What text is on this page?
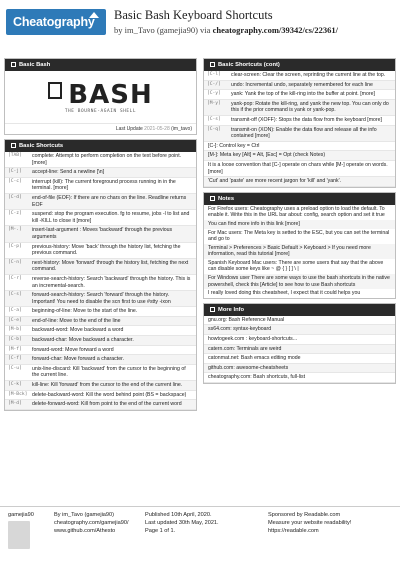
Cheatography	Basic Bash Keyboard Shortcuts
by im_Tavo (gamejia90) via cheatography.com/39342/cs/22361/
Basic Bash
BASH
THE BOURNE-AGAIN SHELL
Last Update 2021-05-28 (im_tavo)
Basic Shortcuts
[TAB]	complete: Attempt to perform completion on the text before point. [more]
[C-j]	accept-line: Send a newline [\n]
[C-c]	interrupt (kill): The current foreground process running in in the terminal. [more]
[C-d]	end-of-file (EOF): If there are no chars on the line. Readline returns EOF
[C-z]	suspend: stop the program execution. fg to resume, jobs -l to list and kill -KILL to close it [more]
[M-.]	insert-last-argument : Moves 'backward' through the previous arguments
[C-p]	previous-history: Move 'back' through the history list, fetching the previous command.
[C-n]	next-history: Move 'forward' through the history list, fetching the next command.
[C-r]	reverse-search-history: Search 'backward' through the history. This is an incremental-search.
[C-s]	forward-search-history: Search 'forward' through the history. Important! You need to disable the scn first to use #stty -ixon
[C-a]	beginning-of-line: Move to the start of the line.
[C-e]	end-of-line: Move to the end of the line
[M-b]	backward-word: Move backward a word
[C-b]	backward-char: Move backward a character.
[M-f]	forward-word: Move forward a word
[C-f]	forward-char: Move forward a character.
[C-u]	unix-line-discard: Kill 'backward' from the cursor to the beginning of the current line.
[C-k]	kill-line: Kill 'forward' from the cursor to the end of the current line.
[M-Bck] delete-backward-word: Kill the word behind point (BS = backspace)
[M-d]	delete-forward-word: Kill from point to the end of the current word
Basic Shortcuts (cont)
[C-l]	clear-screen: Clear the screen, reprinting the current line at the top.
[C-/]	undo: Incremental undo, separately remembered for each line
[C-y]	yank: Yank the top of the kill-ring into the buffer at point. [more]
[M-y]	yank-pop: Rotate the kill-ring, and yank the new top. You can only do this if the prior command is yank or yank-pop.
[C-s]	transmit-off (XOFF): Stops the data flow from the keyboard [more]
[C-q]	transmit-on (XON): Enable the data flow and release all the info contained [more]
[C-]: Control key = Ctrl
[M-]: Meta key [Alt] = Alt, [Esc] = Opt (check Notes)
It is a loose convention that [C-] operate on chars while [M-] operate on words. [more]
'Cut' and 'paste' are more recent jargon for 'kill' and 'yank'.
Notes
For Firefox users: Cheatography uses a preload option to load the default. To enable it. Write this in the URL bar about: config, search option and set it true
You can find more info in this link [more]
For Mac users: The Meta key is setted to the ESC, but you can set the terminal and go to
Terminal > Preferences > Basic Default > Keyboard > If you need more information, read this tutorial [more]
Spanish Keyboard Mac users: There are some users that say that the above can disable some keys like ~ @ { } [ ] \ |
For Windows user There are some ways to use the bash shortcuts in the native powershell, check this [Article] to see how to use Bash shortcuts
I really loved doing this cheatsheet, I expect that it could helps you
More Info
gnu.org: Bash Reference Manual
ss64.com: syntax-keyboard
howtogeek.com : keyboard-shortcuts...
catern.com: Terminals are weird
catonmat.net: Bash emacs editing mode
github.com: awesome-cheatsheets
cheatography.com: Bash shortcuts, full-list
gamejia90	By im_Tavo (gamejia90)
cheatography.com/gamejia90/
www.github.com/Athesto
Published 10th April, 2020.
Last updated 30th May, 2021.
Page 1 of 1.
Sponsored by Readable.com
Measure your website readability!
https://readable.com
